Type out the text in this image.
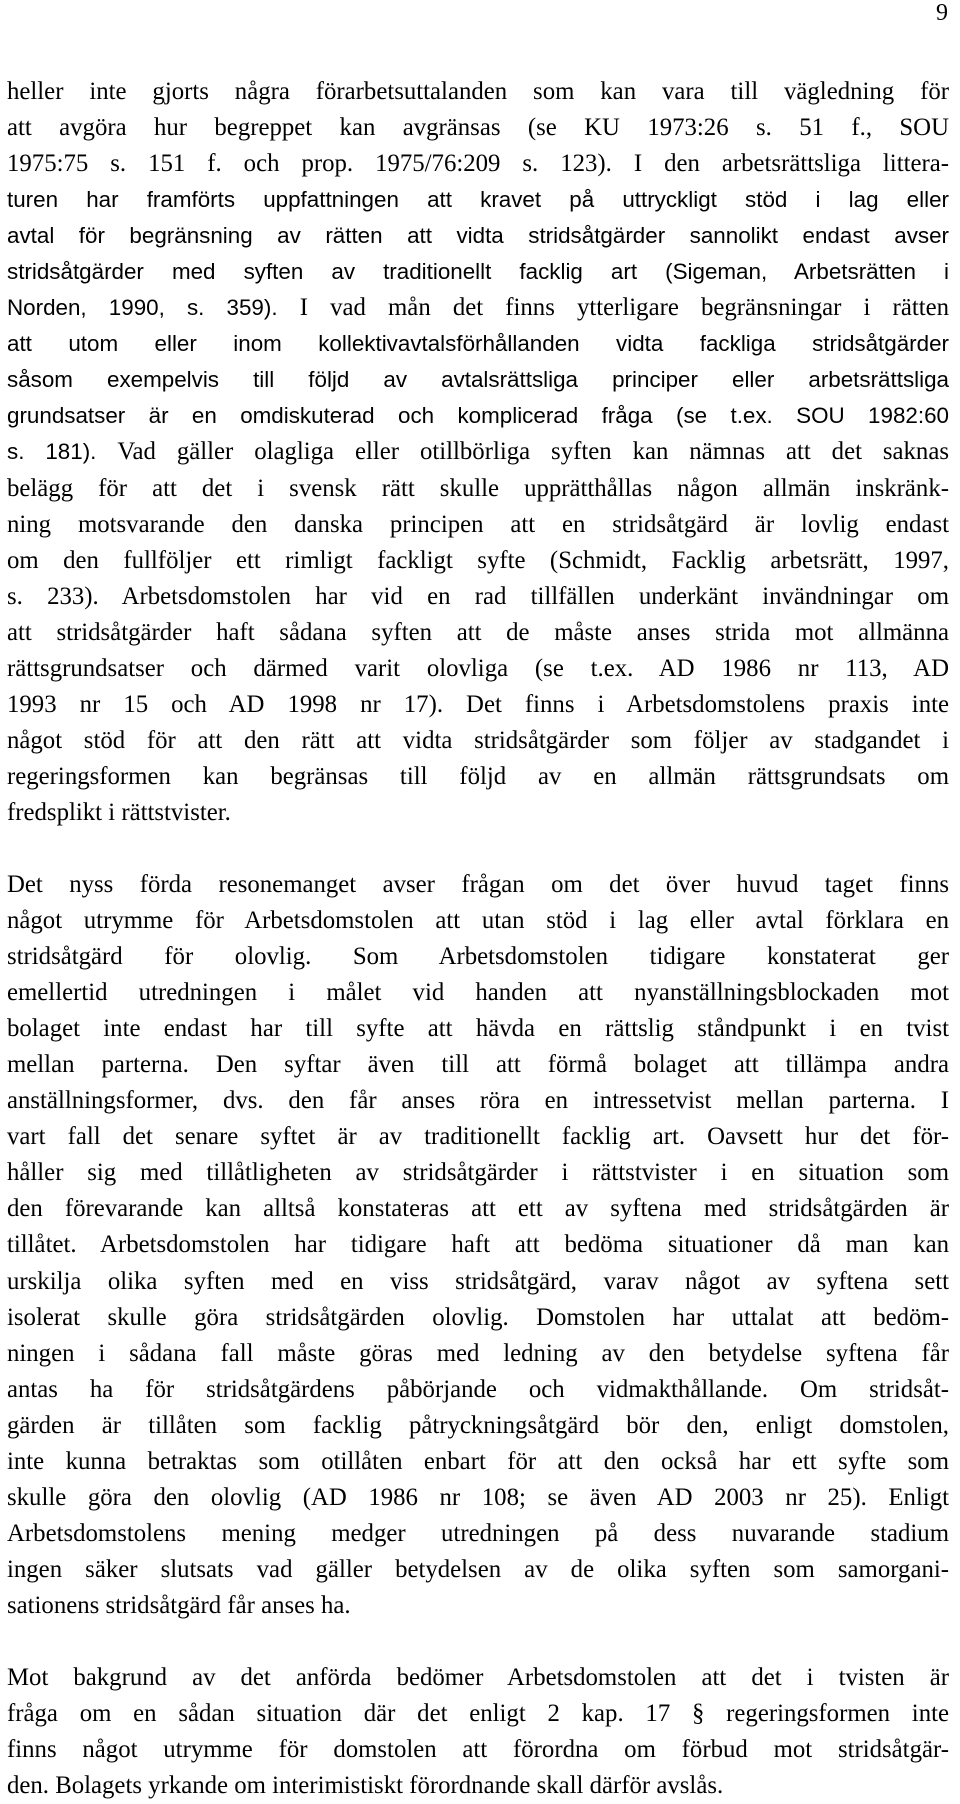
9
heller inte gjorts några förarbetsuttalanden som kan vara till vägledning för
att avgöra hur begreppet kan avgränsas (se KU 1973:26 s. 51 f., SOU
1975:75 s. 151 f. och prop. 1975/76:209 s. 123). I den arbetsrättsliga littera-
turen har framförts uppfattningen att kravet på uttryckligt stöd i lag eller
avtal för begränsning av rätten att vidta stridsåtgärder sannolikt endast avser
stridsåtgärder med syften av traditionellt facklig art (Sigeman, Arbetsrätten i
Norden, 1990, s. 359). I vad mån det finns ytterligare begränsningar i rätten
att utom eller inom kollektivavtalsförhållanden vidta fackliga stridsåtgärder
såsom exempelvis till följd av avtalsrättsliga principer eller arbetsrättsliga
grundsatser är en omdiskuterad och komplicerad fråga (se t.ex. SOU 1982:60
s. 181). Vad gäller olagliga eller otillbörliga syften kan nämnas att det saknas
belägg för att det i svensk rätt skulle upprätthållas någon allmän inskränk-
ning motsvarande den danska principen att en stridsåtgärd är lovlig endast
om den fullföljer ett rimligt fackligt syfte (Schmidt, Facklig arbetsrätt, 1997,
s. 233). Arbetsdomstolen har vid en rad tillfällen underkänt invändningar om
att stridsåtgärder haft sådana syften att de måste anses strida mot allmänna
rättsgrundsatser och därmed varit olovliga (se t.ex. AD 1986 nr 113, AD
1993 nr 15 och AD 1998 nr 17). Det finns i Arbetsdomstolens praxis inte
något stöd för att den rätt att vidta stridsåtgärder som följer av stadgandet i
regeringsformen kan begränsas till följd av en allmän rättsgrundsats om
fredsplikt i rättstvister.
Det nyss förda resonemanget avser frågan om det över huvud taget finns
något utrymme för Arbetsdomstolen att utan stöd i lag eller avtal förklara en
stridsåtgärd för olovlig. Som Arbetsdomstolen tidigare konstaterat ger
emellertid utredningen i målet vid handen att nyanställningsblockaden mot
bolaget inte endast har till syfte att hävda en rättslig ståndpunkt i en tvist
mellan parterna. Den syftar även till att förmå bolaget att tillämpa andra
anställningsformer, dvs. den får anses röra en intressetvist mellan parterna. I
vart fall det senare syftet är av traditionellt facklig art. Oavsett hur det för-
håller sig med tillåtligheten av stridsåtgärder i rättstvister i en situation som
den förevarande kan alltså konstateras att ett av syftena med stridsåtgärden är
tillåtet. Arbetsdomstolen har tidigare haft att bedöma situationer då man kan
urskilja olika syften med en viss stridsåtgärd, varav något av syftena sett
isolerat skulle göra stridsåtgärden olovlig. Domstolen har uttalat att bedöm-
ningen i sådana fall måste göras med ledning av den betydelse syftena får
antas ha för stridsåtgärdens påbörjande och vidmakthållande. Om stridsåt-
gärden är tillåten som facklig påtryckningsåtgärd bör den, enligt domstolen,
inte kunna betraktas som otillåten enbart för att den också har ett syfte som
skulle göra den olovlig (AD 1986 nr 108; se även AD 2003 nr 25). Enligt
Arbetsdomstolens mening medger utredningen på dess nuvarande stadium
ingen säker slutsats vad gäller betydelsen av de olika syften som samorgani-
sationens stridsåtgärd får anses ha.
Mot bakgrund av det anförda bedömer Arbetsdomstolen att det i tvisten är
fråga om en sådan situation där det enligt 2 kap. 17 § regeringsformen inte
finns något utrymme för domstolen att förordna om förbud mot stridsåtgär-
den. Bolagets yrkande om interimistiskt förordnande skall därför avslås.
